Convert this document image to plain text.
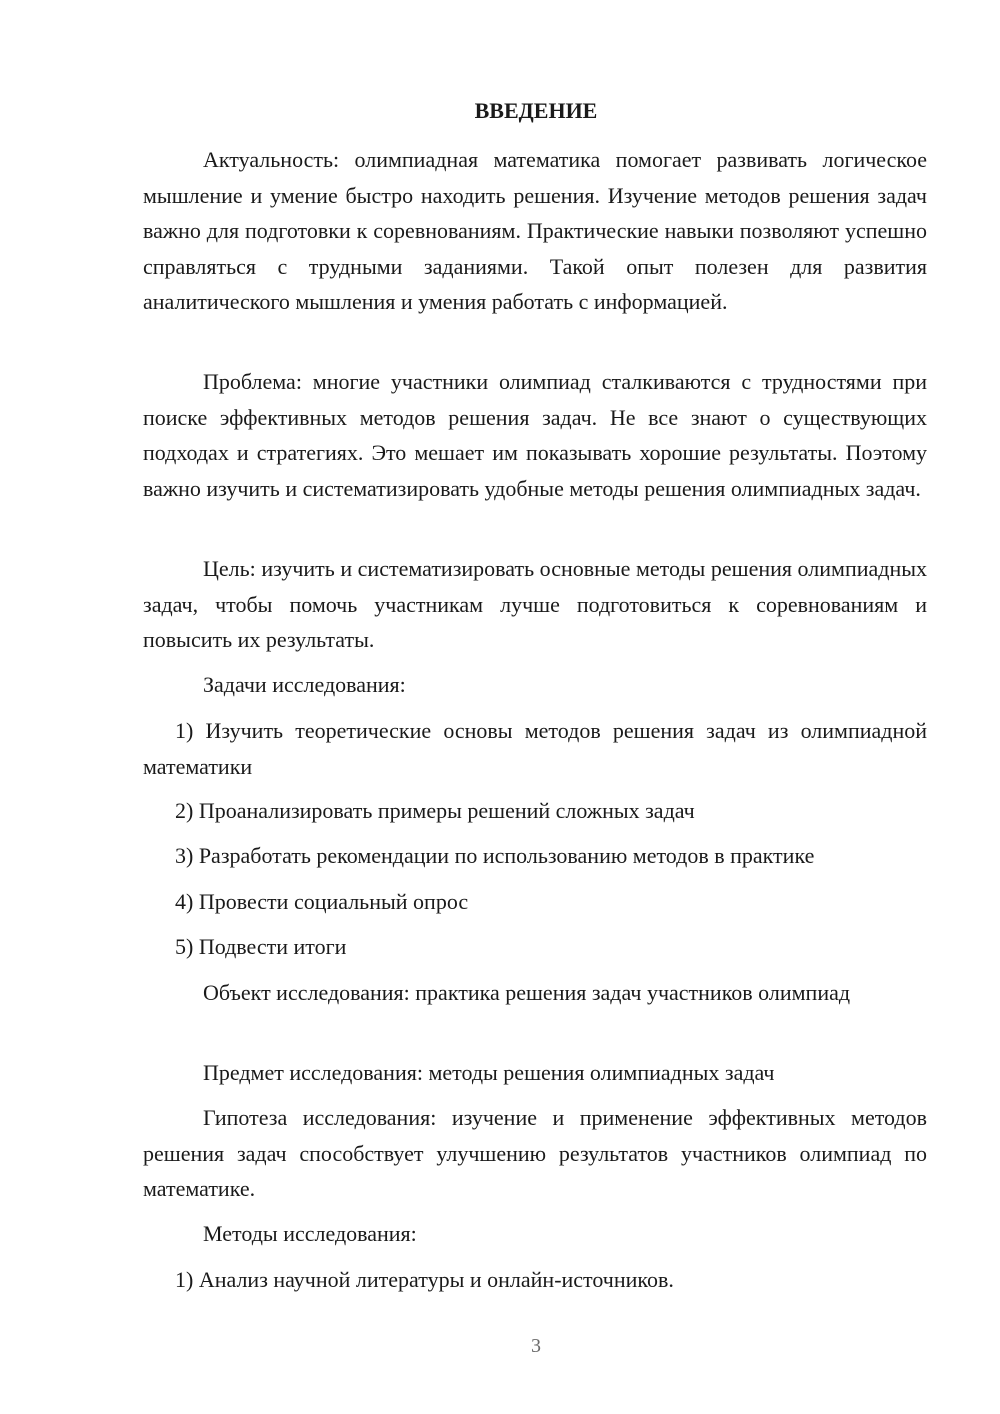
ВВЕДЕНИЕ

Актуальность: олимпиадная математика помогает развивать логическое мышление и умение быстро находить решения. Изучение методов решения задач важно для подготовки к соревнованиям. Практические навыки позволяют успешно справляться с трудными заданиями. Такой опыт полезен для развития аналитического мышления и умения работать с информацией.

Проблема: многие участники олимпиад сталкиваются с трудностями при поиске эффективных методов решения задач. Не все знают о существующих подходах и стратегиях. Это мешает им показывать хорошие результаты. Поэтому важно изучить и систематизировать удобные методы решения олимпиадных задач.

Цель: изучить и систематизировать основные методы решения олимпиадных задач, чтобы помочь участникам лучше подготовиться к соревнованиям и повысить их результаты.

Задачи исследования:

1) Изучить теоретические основы методов решения задач из олимпиадной математики

2) Проанализировать примеры решений сложных задач

3) Разработать рекомендации по использованию методов в практике

4) Провести социальный опрос

5) Подвести итоги

Объект исследования: практика решения задач участников олимпиад

Предмет исследования: методы решения олимпиадных задач

Гипотеза исследования: изучение и применение эффективных методов решения задач способствует улучшению результатов участников олимпиад по математике.

Методы исследования:

1) Анализ научной литературы и онлайн-источников.

3
